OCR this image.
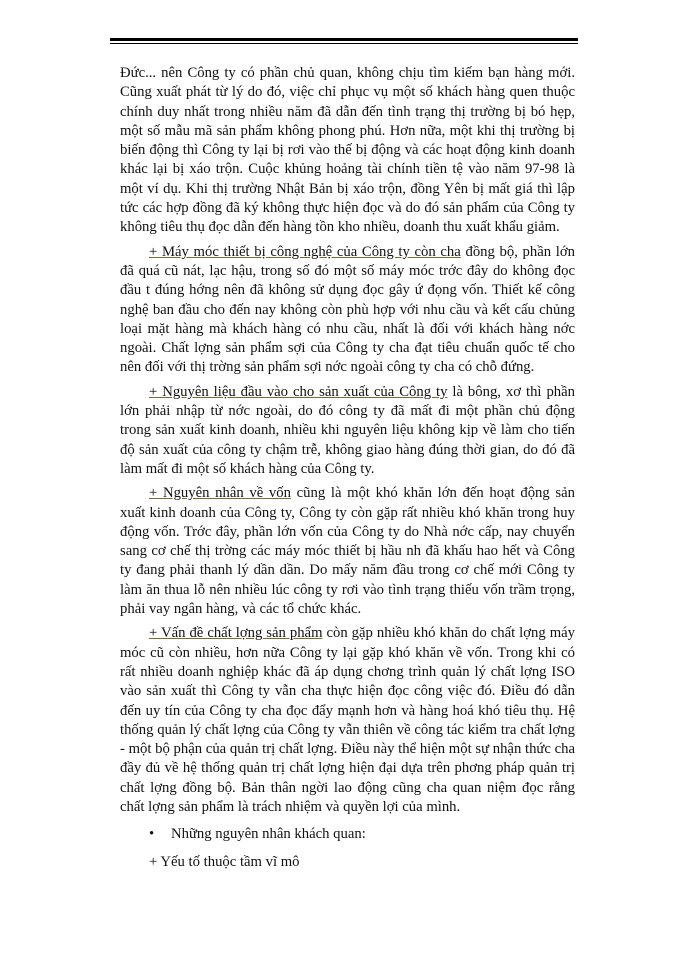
Đức... nên Công ty có phần chủ quan, không chịu tìm kiếm bạn hàng mới. Cũng xuất phát từ lý do đó, việc chỉ phục vụ một số khách hàng quen thuộc chính duy nhất trong nhiều năm đã dẫn đến tình trạng thị trường bị bó hẹp, một số mẫu mã sản phẩm không phong phú. Hơn nữa, một khi thị trường bị biến động thì Công ty lại bị rơi vào thế bị động và các hoạt động kinh doanh khác lại bị xáo trộn. Cuộc khủng hoảng tài chính tiền tệ vào năm 97-98 là một ví dụ. Khi thị trường Nhật Bản bị xáo trộn, đồng Yên bị mất giá thì lập tức các hợp đồng đã ký không thực hiện đọc và do đó sản phẩm của Công ty không tiêu thụ đọc dẫn đến hàng tồn kho nhiều, doanh thu xuất khẩu giảm.

+ Máy móc thiết bị công nghệ của Công ty còn cha đồng bộ, phần lớn đã quá cũ nát, lạc hậu, trong số đó một số máy móc trớc đây do không đọc đầu t đúng hớng nên đã không sử dụng đọc gây ứ đọng vốn. Thiết kế công nghệ ban đầu cho đến nay không còn phù hợp với nhu cầu và kết cấu chủng loại mặt hàng mà khách hàng có nhu cầu, nhất là đối với khách hàng nớc ngoài. Chất lợng sản phẩm sợi của Công ty cha đạt tiêu chuẩn quốc tế cho nên đối với thị trờng sản phẩm sợi nớc ngoài công ty cha có chỗ đứng.

+ Nguyên liệu đầu vào cho sản xuất của Công ty là bông, xơ thì phần lớn phải nhập từ nớc ngoài, do đó công ty đã mất đi một phần chủ động trong sản xuất kinh doanh, nhiều khi nguyên liệu không kịp về làm cho tiến độ sản xuất của công ty chậm trễ, không giao hàng đúng thời gian, do đó đã làm mất đi một số khách hàng của Công ty.

+ Nguyên nhân về vốn cũng là một khó khăn lớn đến hoạt động sản xuất kinh doanh của Công ty, Công ty còn gặp rất nhiều khó khăn trong huy động vốn. Trớc đây, phần lớn vốn của Công ty do Nhà nớc cấp, nay chuyển sang cơ chế thị trờng các máy móc thiết bị hầu nh đã khấu hao hết và Công ty đang phải thanh lý dần dần. Do mấy năm đầu trong cơ chế mới Công ty làm ăn thua lỗ nên nhiều lúc công ty rơi vào tình trạng thiếu vốn trầm trọng, phải vay ngân hàng, và các tổ chức khác.

+ Vấn đề chất lợng sản phẩm còn gặp nhiều khó khăn do chất lợng máy móc cũ còn nhiều, hơn nữa Công ty lại gặp khó khăn về vốn. Trong khi có rất nhiều doanh nghiệp khác đã áp dụng chơng trình quản lý chất lợng ISO vào sản xuất thì Công ty vẫn cha thực hiện đọc công việc đó. Điều đó dẫn đến uy tín của Công ty cha đọc đẩy mạnh hơn và hàng hoá khó tiêu thụ. Hệ thống quản lý chất lợng của Công ty vẫn thiên về công tác kiểm tra chất lợng - một bộ phận của quản trị chất lợng. Điều này thể hiện một sự nhận thức cha đầy đủ về hệ thống quản trị chất lợng hiện đại dựa trên phơng pháp quản trị chất lợng đồng bộ. Bản thân ngời lao động cũng cha quan niệm đọc rằng chất lợng sản phẩm là trách nhiệm và quyền lợi của mình.

• Những nguyên nhân khách quan:
+ Yếu tố thuộc tầm vĩ mô
